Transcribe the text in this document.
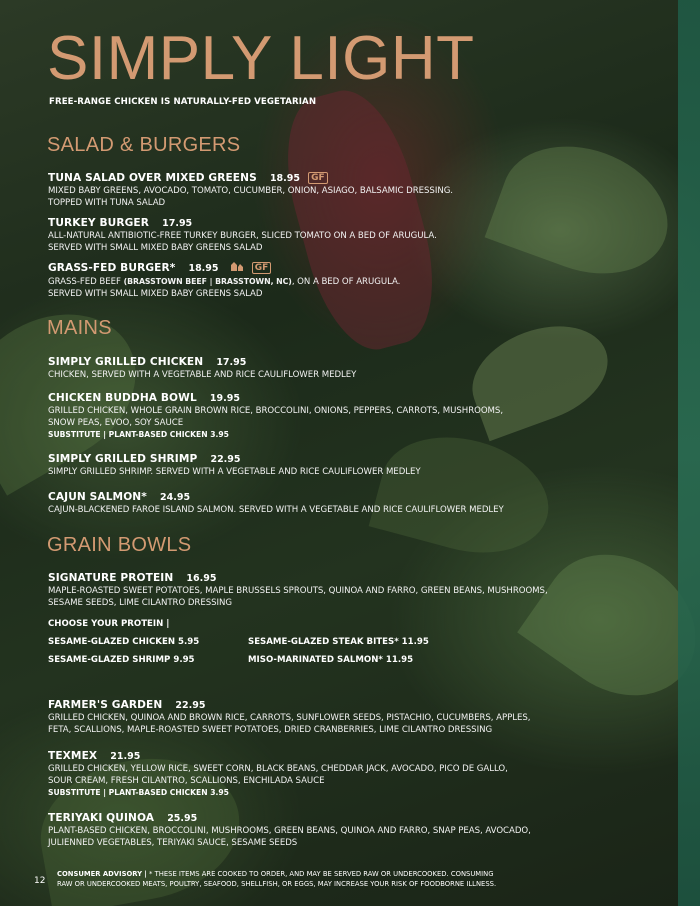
SIMPLY LIGHT
FREE-RANGE CHICKEN IS NATURALLY-FED VEGETARIAN
SALAD & BURGERS
TUNA SALAD OVER MIXED GREENS 18.95 GF
MIXED BABY GREENS, AVOCADO, TOMATO, CUCUMBER, ONION, ASIAGO, BALSAMIC DRESSING.
TOPPED WITH TUNA SALAD
TURKEY BURGER 17.95
ALL-NATURAL ANTIBIOTIC-FREE TURKEY BURGER, SLICED TOMATO ON A BED OF ARUGULA.
SERVED WITH SMALL MIXED BABY GREENS SALAD
GRASS-FED BURGER* 18.95	GF
GRASS-FED BEEF (BRASSTOWN BEEF | BRASSTOWN, NC), ON A BED OF ARUGULA.
SERVED WITH SMALL MIXED BABY GREENS SALAD
MAINS
SIMPLY GRILLED CHICKEN 17.95
CHICKEN, SERVED WITH A VEGETABLE AND RICE CAULIFLOWER MEDLEY
CHICKEN BUDDHA BOWL 19.95
GRILLED CHICKEN, WHOLE GRAIN BROWN RICE, BROCCOLINI, ONIONS, PEPPERS, CARROTS, MUSHROOMS,
SNOW PEAS, EVOO, SOY SAUCE
SUBSTITUTE | PLANT-BASED CHICKEN 3.95
SIMPLY GRILLED SHRIMP 22.95
SIMPLY GRILLED SHRIMP. SERVED WITH A VEGETABLE AND RICE CAULIFLOWER MEDLEY
CAJUN SALMON* 24.95
CAJUN-BLACKENED FAROE ISLAND SALMON. SERVED WITH A VEGETABLE AND RICE CAULIFLOWER MEDLEY
GRAIN BOWLS
SIGNATURE PROTEIN 16.95
MAPLE-ROASTED SWEET POTATOES, MAPLE BRUSSELS SPROUTS, QUINOA AND FARRO, GREEN BEANS, MUSHROOMS,
SESAME SEEDS, LIME CILANTRO DRESSING
CHOOSE YOUR PROTEIN |
SESAME-GLAZED CHICKEN 5.95	SESAME-GLAZED STEAK BITES* 11.95
SESAME-GLAZED SHRIMP 9.95	MISO-MARINATED SALMON* 11.95
FARMER'S GARDEN 22.95
GRILLED CHICKEN, QUINOA AND BROWN RICE, CARROTS, SUNFLOWER SEEDS, PISTACHIO, CUCUMBERS, APPLES,
FETA, SCALLIONS, MAPLE-ROASTED SWEET POTATOES, DRIED CRANBERRIES, LIME CILANTRO DRESSING
TEXMEX 21.95
GRILLED CHICKEN, YELLOW RICE, SWEET CORN, BLACK BEANS, CHEDDAR JACK, AVOCADO, PICO DE GALLO,
SOUR CREAM, FRESH CILANTRO, SCALLIONS, ENCHILADA SAUCE
SUBSTITUTE | PLANT-BASED CHICKEN 3.95
TERIYAKI QUINOA 25.95
PLANT-BASED CHICKEN, BROCCOLINI, MUSHROOMS, GREEN BEANS, QUINOA AND FARRO, SNAP PEAS, AVOCADO,
JULIENNED VEGETABLES, TERIYAKI SAUCE, SESAME SEEDS
12
CONSUMER ADVISORY | * THESE ITEMS ARE COOKED TO ORDER, AND MAY BE SERVED RAW OR UNDERCOOKED. CONSUMING
RAW OR UNDERCOOKED MEATS, POULTRY, SEAFOOD, SHELLFISH, OR EGGS, MAY INCREASE YOUR RISK OF FOODBORNE ILLNESS.
